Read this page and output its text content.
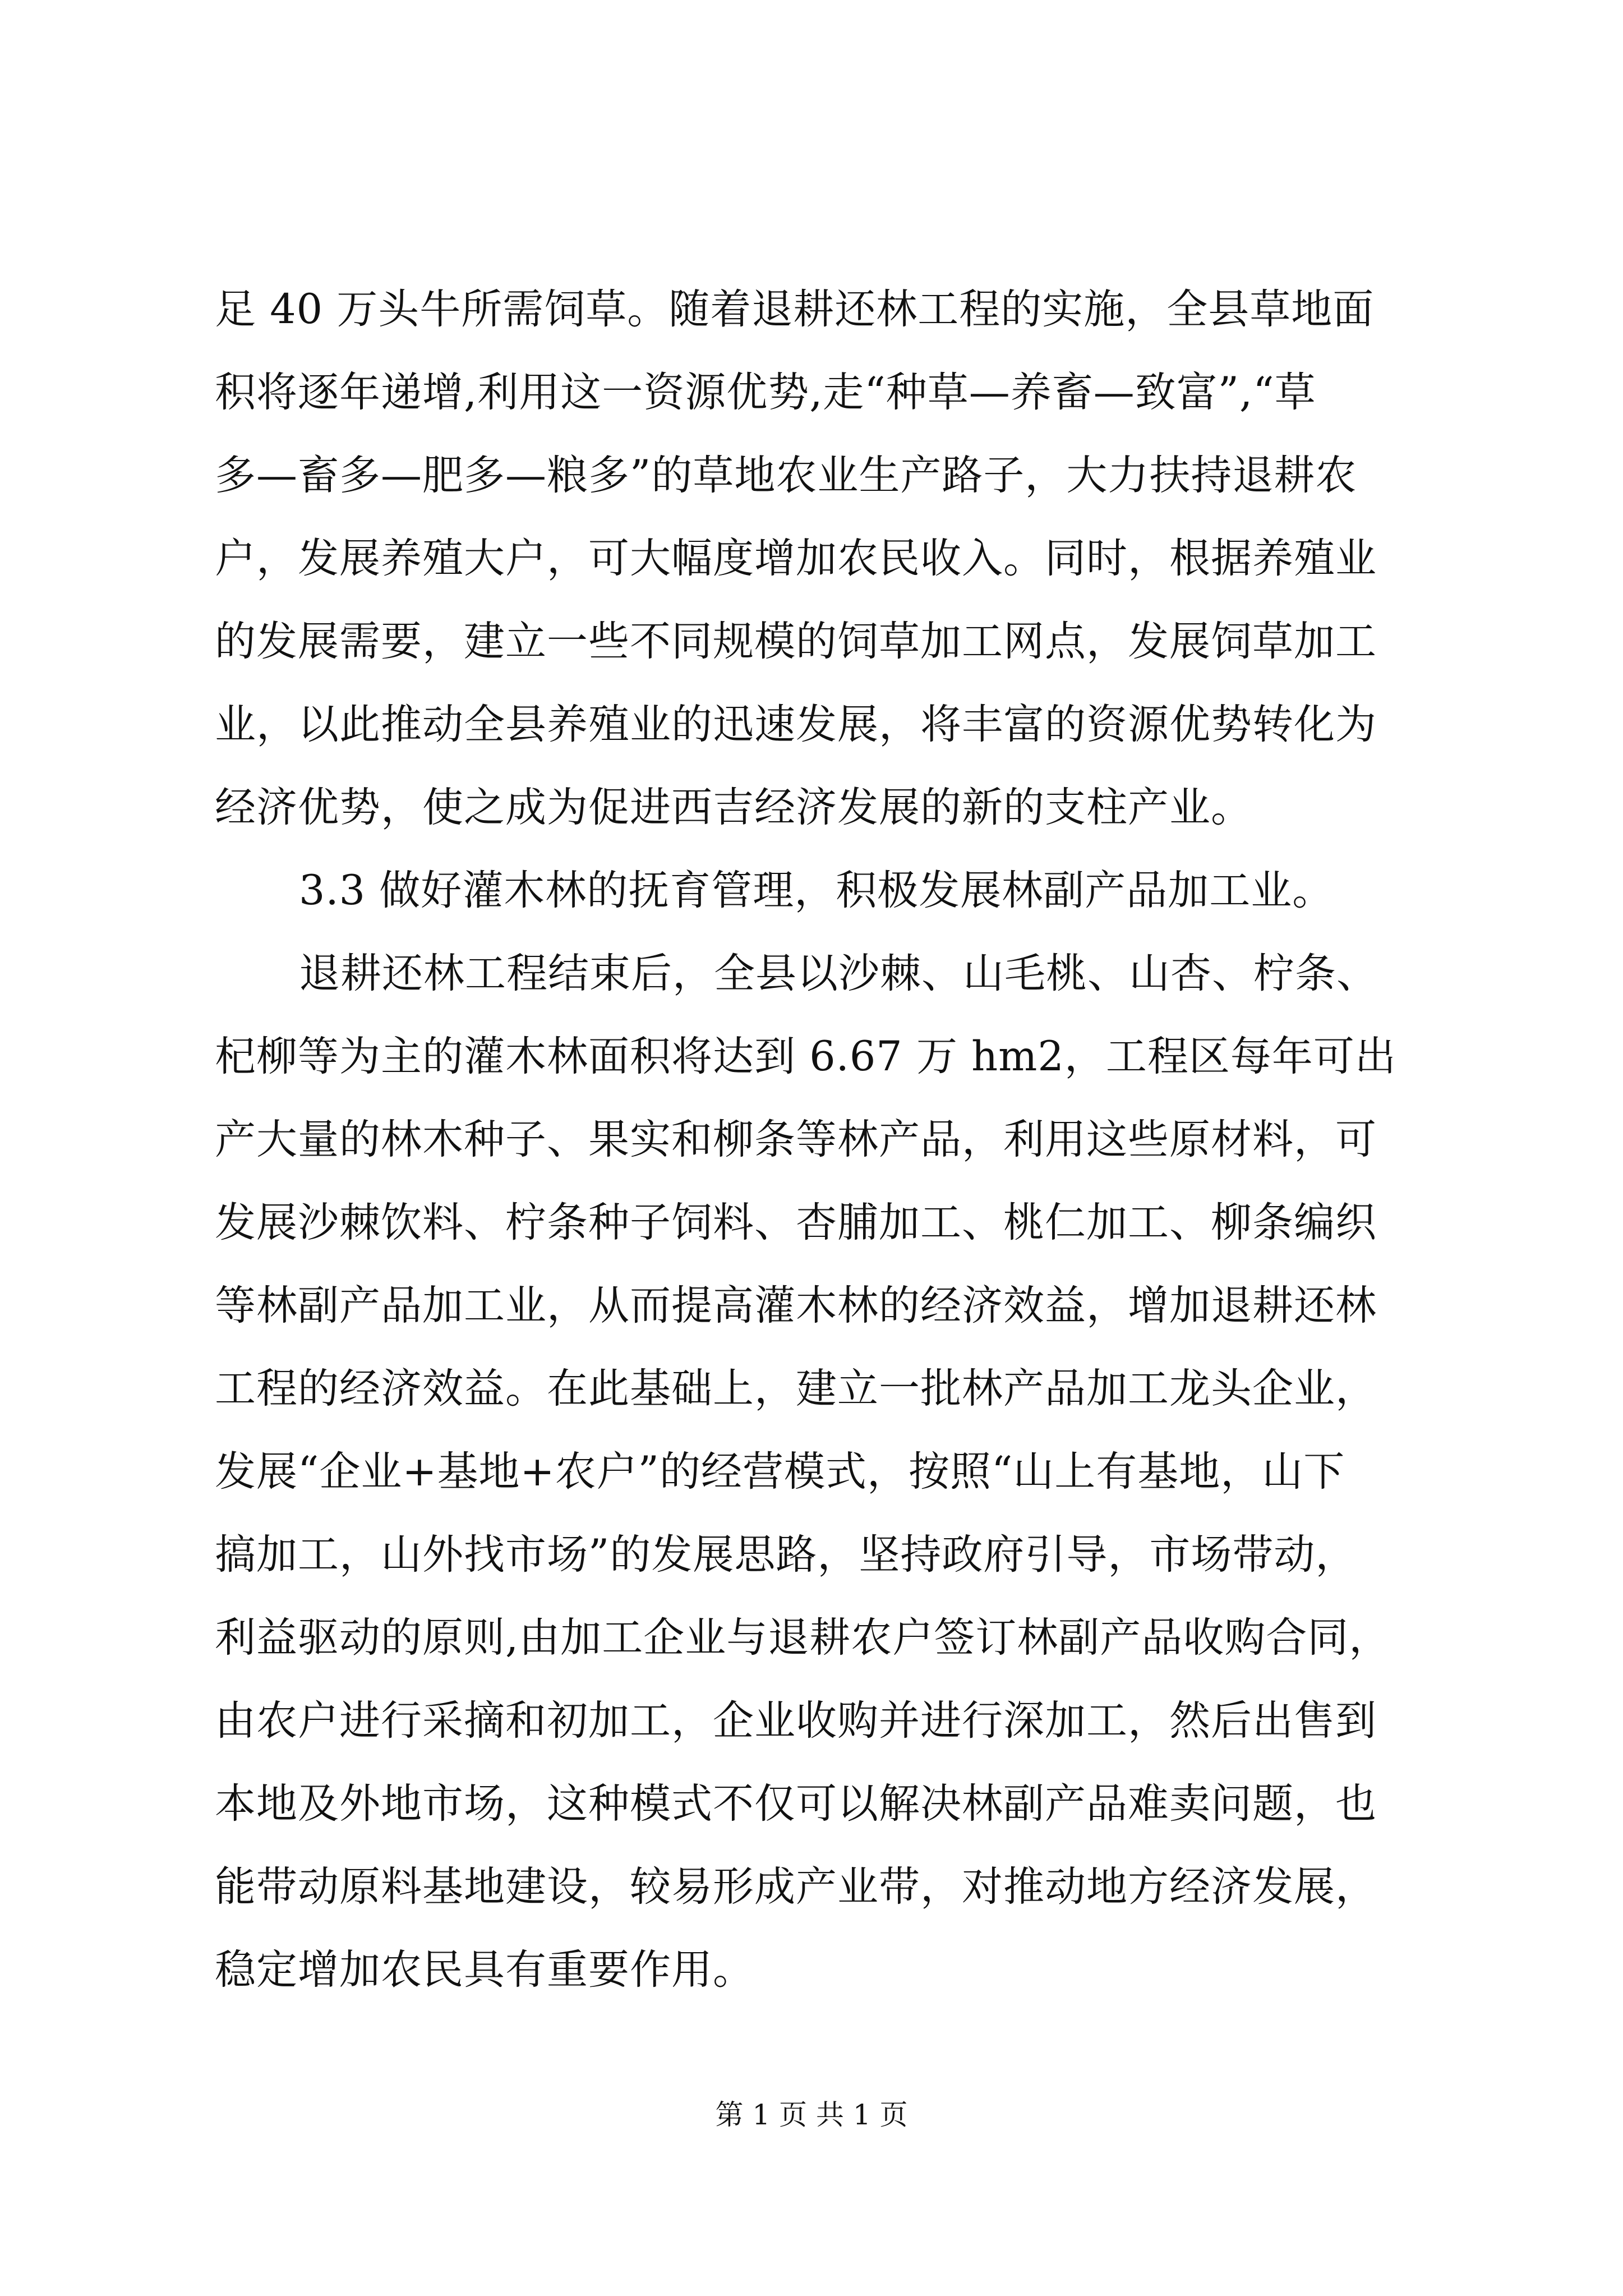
足 40 万头牛所需饲草。随着退耕还林工程的实施，全县草地面
积将逐年递增,利用这一资源优势,走“种草—养畜—致富”,“草
多—畜多—肥多—粮多”的草地农业生产路子，大力扶持退耕农
户，发展养殖大户，可大幅度增加农民收入。同时，根据养殖业
的发展需要，建立一些不同规模的饲草加工网点，发展饲草加工
业，以此推动全县养殖业的迅速发展，将丰富的资源优势转化为
经济优势，使之成为促进西吉经济发展的新的支柱产业。
3.3 做好灌木林的抚育管理，积极发展林副产品加工业。
退耕还林工程结束后，全县以沙棘、山毛桃、山杏、柠条、
杞柳等为主的灌木林面积将达到 6.67 万 hm2，工程区每年可出
产大量的林木种子、果实和柳条等林产品，利用这些原材料，可
发展沙棘饮料、柠条种子饲料、杏脯加工、桃仁加工、柳条编织
等林副产品加工业，从而提高灌木林的经济效益，增加退耕还林
工程的经济效益。在此基础上，建立一批林产品加工龙头企业，
发展“企业+基地+农户”的经营模式，按照“山上有基地，山下
搞加工，山外找市场”的发展思路，坚持政府引导，市场带动，
利益驱动的原则,由加工企业与退耕农户签订林副产品收购合同，
由农户进行采摘和初加工，企业收购并进行深加工，然后出售到
本地及外地市场，这种模式不仅可以解决林副产品难卖问题，也
能带动原料基地建设，较易形成产业带，对推动地方经济发展，
稳定增加农民具有重要作用。
第 1 页 共 1 页
